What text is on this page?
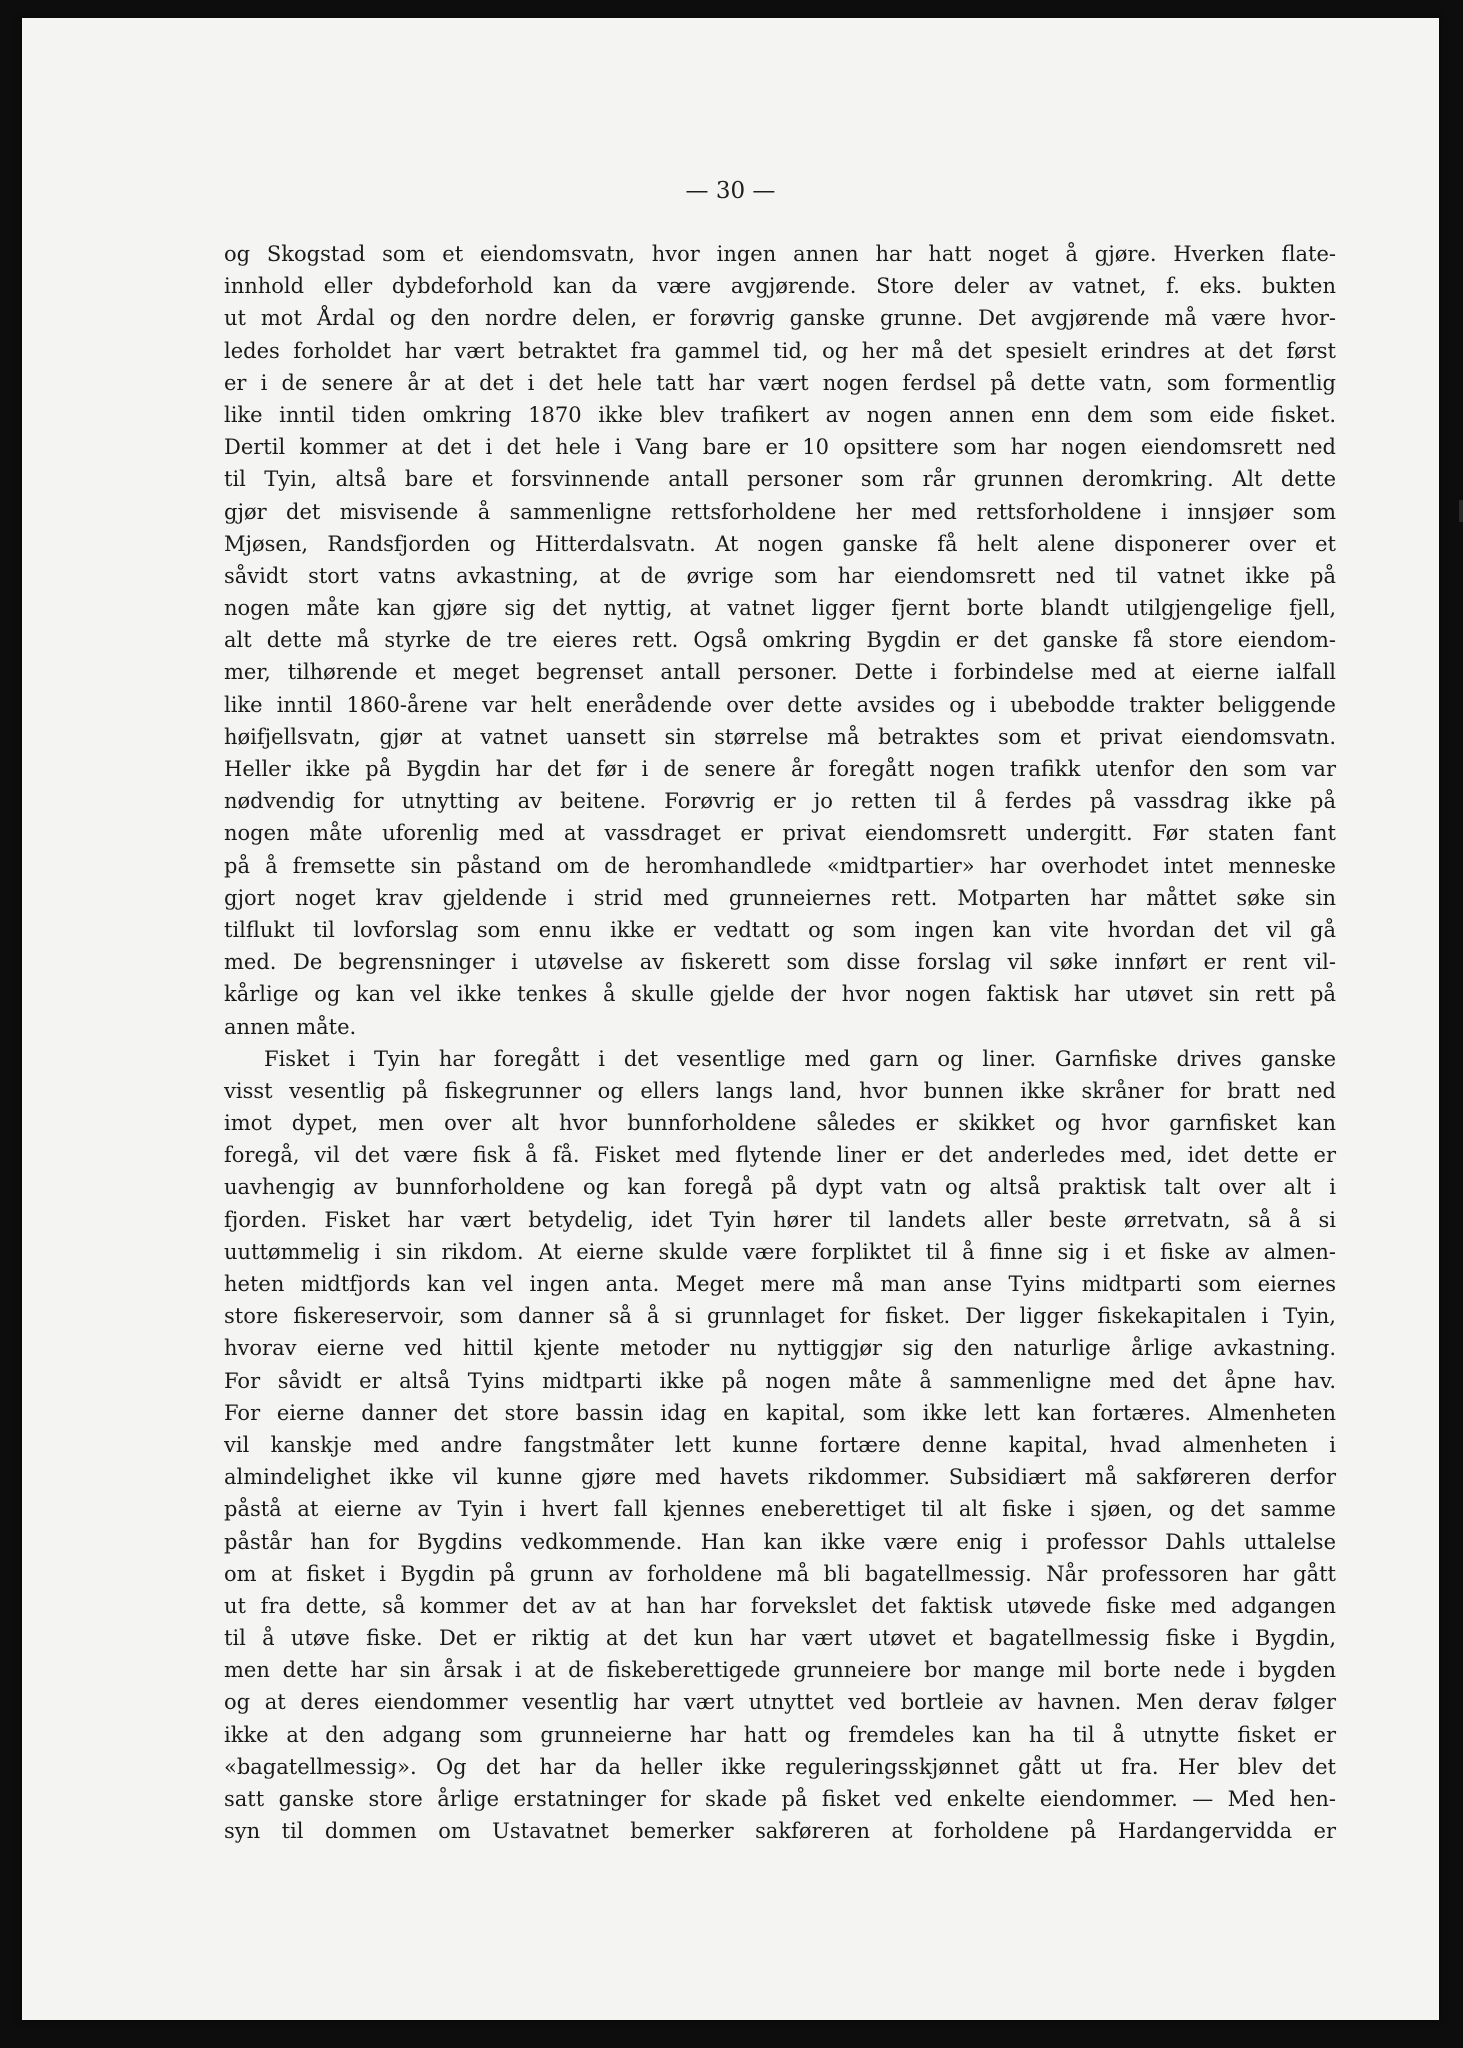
— 30 —
og Skogstad som et eiendomsvatn, hvor ingen annen har hatt noget å gjøre. Hverken flate-
innhold eller dybdeforhold kan da være avgjørende. Store deler av vatnet, f. eks. bukten
ut mot Årdal og den nordre delen, er forøvrig ganske grunne. Det avgjørende må være hvor-
ledes forholdet har vært betraktet fra gammel tid, og her må det spesielt erindres at det først
er i de senere år at det i det hele tatt har vært nogen ferdsel på dette vatn, som formentlig
like inntil tiden omkring 1870 ikke blev trafikert av nogen annen enn dem som eide fisket.
Dertil kommer at det i det hele i Vang bare er 10 opsittere som har nogen eiendomsrett ned
til Tyin, altså bare et forsvinnende antall personer som rår grunnen deromkring. Alt dette
gjør det misvisende å sammenligne rettsforholdene her med rettsforholdene i innsjøer som
Mjøsen, Randsfjorden og Hitterdalsvatn. At nogen ganske få helt alene disponerer over et
såvidt stort vatns avkastning, at de øvrige som har eiendomsrett ned til vatnet ikke på
nogen måte kan gjøre sig det nyttig, at vatnet ligger fjernt borte blandt utilgjengelige fjell,
alt dette må styrke de tre eieres rett. Også omkring Bygdin er det ganske få store eiendom-
mer, tilhørende et meget begrenset antall personer. Dette i forbindelse med at eierne ialfall
like inntil 1860-årene var helt enerådende over dette avsides og i ubebodde trakter beliggende
høifjellsvatn, gjør at vatnet uansett sin størrelse må betraktes som et privat eiendomsvatn.
Heller ikke på Bygdin har det før i de senere år foregått nogen trafikk utenfor den som var
nødvendig for utnytting av beitene. Forøvrig er jo retten til å ferdes på vassdrag ikke på
nogen måte uforenlig med at vassdraget er privat eiendomsrett undergitt. Før staten fant
på å fremsette sin påstand om de heromhandlede «midtpartier» har overhodet intet menneske
gjort noget krav gjeldende i strid med grunneiernes rett. Motparten har måttet søke sin
tilflukt til lovforslag som ennu ikke er vedtatt og som ingen kan vite hvordan det vil gå
med. De begrensninger i utøvelse av fiskerett som disse forslag vil søke innført er rent vil-
kårlige og kan vel ikke tenkes å skulle gjelde der hvor nogen faktisk har utøvet sin rett på
annen måte.
Fisket i Tyin har foregått i det vesentlige med garn og liner. Garnfiske drives ganske
visst vesentlig på fiskegrunner og ellers langs land, hvor bunnen ikke skråner for bratt ned
imot dypet, men over alt hvor bunnforholdene således er skikket og hvor garnfisket kan
foregå, vil det være fisk å få. Fisket med flytende liner er det anderledes med, idet dette er
uavhengig av bunnforholdene og kan foregå på dypt vatn og altså praktisk talt over alt i
fjorden. Fisket har vært betydelig, idet Tyin hører til landets aller beste ørretvatn, så å si
uuttømmelig i sin rikdom. At eierne skulde være forpliktet til å finne sig i et fiske av almen-
heten midtfjords kan vel ingen anta. Meget mere må man anse Tyins midtparti som eiernes
store fiskereservoir, som danner så å si grunnlaget for fisket. Der ligger fiskekapitalen i Tyin,
hvorav eierne ved hittil kjente metoder nu nyttiggjør sig den naturlige årlige avkastning.
For såvidt er altså Tyins midtparti ikke på nogen måte å sammenligne med det åpne hav.
For eierne danner det store bassin idag en kapital, som ikke lett kan fortæres. Almenheten
vil kanskje med andre fangstmåter lett kunne fortære denne kapital, hvad almenheten i
almindelighet ikke vil kunne gjøre med havets rikdommer. Subsidiært må sakføreren derfor
påstå at eierne av Tyin i hvert fall kjennes eneberettiget til alt fiske i sjøen, og det samme
påstår han for Bygdins vedkommende. Han kan ikke være enig i professor Dahls uttalelse
om at fisket i Bygdin på grunn av forholdene må bli bagatellmessig. Når professoren har gått
ut fra dette, så kommer det av at han har forvekslet det faktisk utøvede fiske med adgangen
til å utøve fiske. Det er riktig at det kun har vært utøvet et bagatellmessig fiske i Bygdin,
men dette har sin årsak i at de fiskeberettigede grunneiere bor mange mil borte nede i bygden
og at deres eiendommer vesentlig har vært utnyttet ved bortleie av havnen. Men derav følger
ikke at den adgang som grunneierne har hatt og fremdeles kan ha til å utnytte fisket er
«bagatellmessig». Og det har da heller ikke reguleringsskjønnet gått ut fra. Her blev det
satt ganske store årlige erstatninger for skade på fisket ved enkelte eiendommer. — Med hen-
syn til dommen om Ustavatnet bemerker sakføreren at forholdene på Hardangervidda er
